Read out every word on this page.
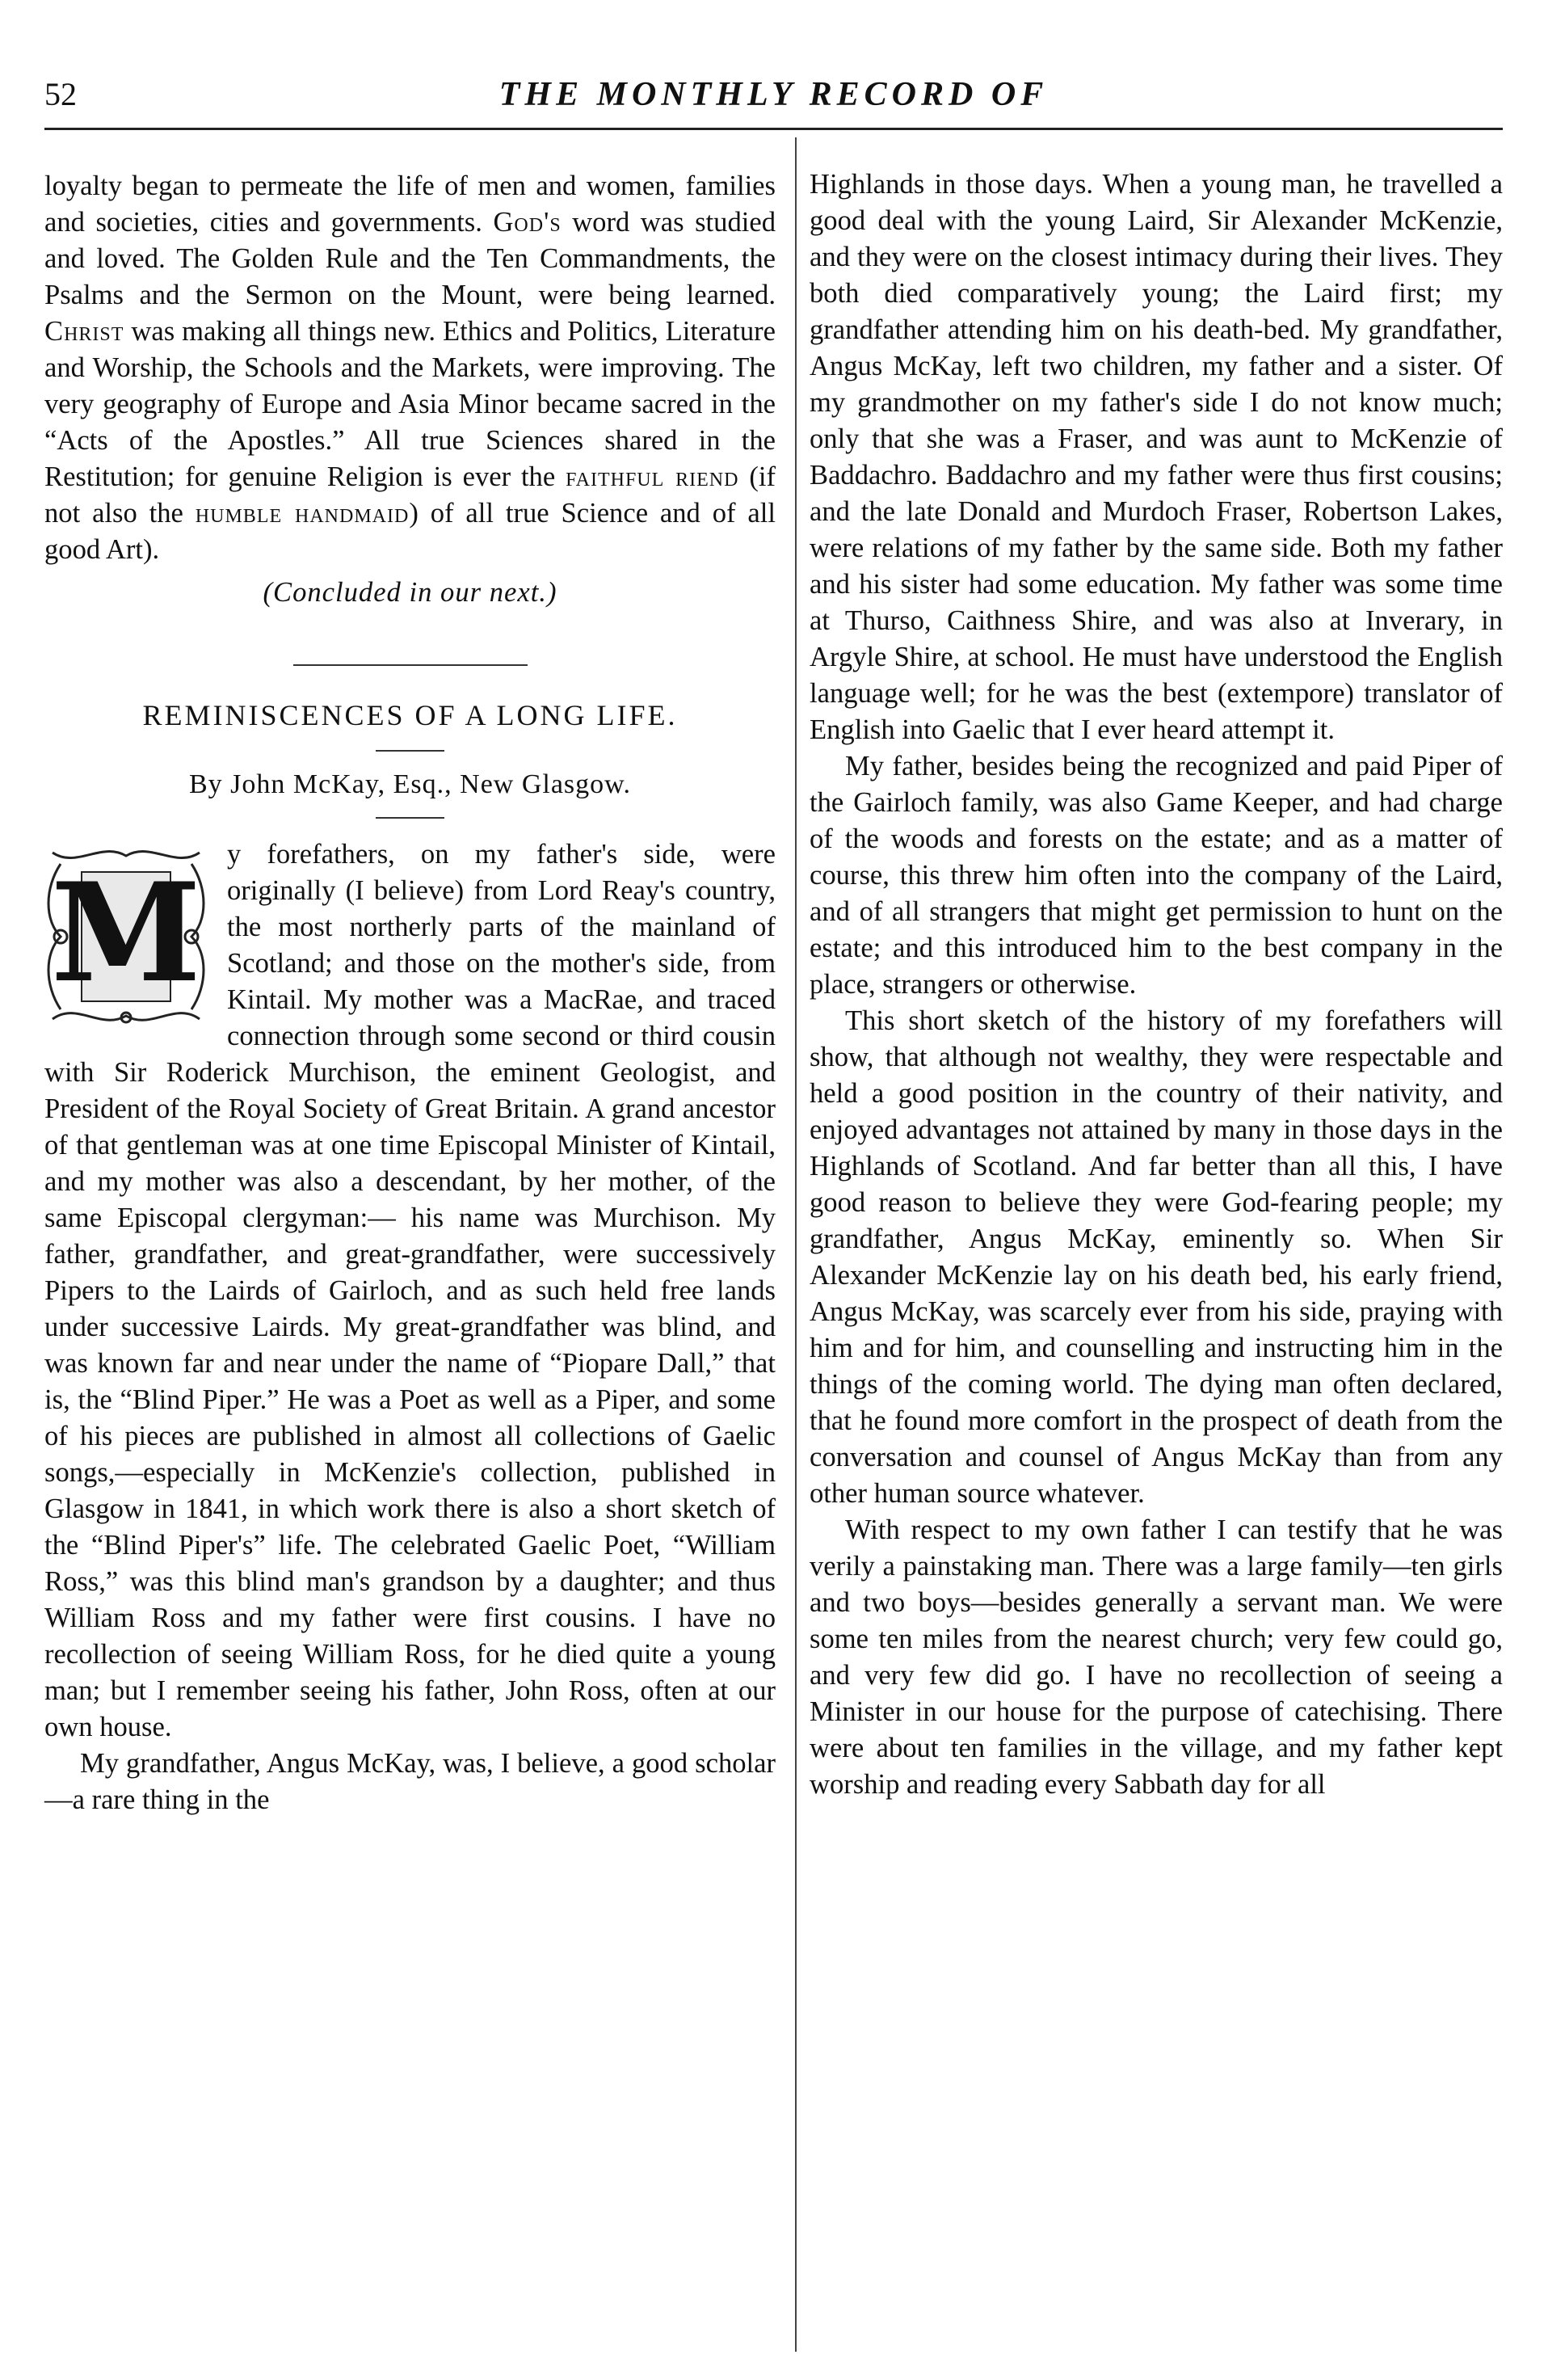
52	THE MONTHLY RECORD OF

loyalty began to permeate the life of men and women, families and societies, cities and governments. God's word was studied and loved. The Golden Rule and the Ten Commandments, the Psalms and the Sermon on the Mount, were being learned. Christ was making all things new. Ethics and Politics, Literature and Worship, the Schools and the Markets, were improving. The very geography of Europe and Asia Minor became sacred in the “Acts of the Apostles.” All true Sciences shared in the Restitution; for genuine Religion is ever the faithful riend (if not also the humble handmaid) of all true Science and of all good Art).

(Concluded in our next.)

REMINISCENCES OF A LONG LIFE.

By John McKay, Esq., New Glasgow.

M y forefathers, on my father's side, were originally (I believe) from Lord Reay's country, the most northerly parts of the mainland of Scotland; and those on the mother's side, from Kintail. My mother was a MacRae, and traced connection through some second or third cousin with Sir Roderick Murchison, the eminent Geologist, and President of the Royal Society of Great Britain. A grand ancestor of that gentleman was at one time Episcopal Minister of Kintail, and my mother was also a descendant, by her mother, of the same Episcopal clergyman:— his name was Murchison. My father, grandfather, and great-grandfather, were successively Pipers to the Lairds of Gairloch, and as such held free lands under successive Lairds. My great-grandfather was blind, and was known far and near under the name of “Piopare Dall,” that is, the “Blind Piper.” He was a Poet as well as a Piper, and some of his pieces are published in almost all collections of Gaelic songs,—especially in McKenzie's collection, published in Glasgow in 1841, in which work there is also a short sketch of the “Blind Piper's” life. The celebrated Gaelic Poet, “William Ross,” was this blind man's grandson by a daughter; and thus William Ross and my father were first cousins. I have no recollection of seeing William Ross, for he died quite a young man; but I remember seeing his father, John Ross, often at our own house.

My grandfather, Angus McKay, was, I believe, a good scholar—a rare thing in the

Highlands in those days. When a young man, he travelled a good deal with the young Laird, Sir Alexander McKenzie, and they were on the closest intimacy during their lives. They both died comparatively young; the Laird first; my grandfather attending him on his death-bed. My grandfather, Angus McKay, left two children, my father and a sister. Of my grandmother on my father's side I do not know much; only that she was a Fraser, and was aunt to McKenzie of Baddachro. Baddachro and my father were thus first cousins; and the late Donald and Murdoch Fraser, Robertson Lakes, were relations of my father by the same side. Both my father and his sister had some education. My father was some time at Thurso, Caithness Shire, and was also at Inverary, in Argyle Shire, at school. He must have understood the English language well; for he was the best (extempore) translator of English into Gaelic that I ever heard attempt it.

My father, besides being the recognized and paid Piper of the Gairloch family, was also Game Keeper, and had charge of the woods and forests on the estate; and as a matter of course, this threw him often into the company of the Laird, and of all strangers that might get permission to hunt on the estate; and this introduced him to the best company in the place, strangers or otherwise.

This short sketch of the history of my forefathers will show, that although not wealthy, they were respectable and held a good position in the country of their nativity, and enjoyed advantages not attained by many in those days in the Highlands of Scotland. And far better than all this, I have good reason to believe they were God-fearing people; my grandfather, Angus McKay, eminently so. When Sir Alexander McKenzie lay on his death bed, his early friend, Angus McKay, was scarcely ever from his side, praying with him and for him, and counselling and instructing him in the things of the coming world. The dying man often declared, that he found more comfort in the prospect of death from the conversation and counsel of Angus McKay than from any other human source whatever.

With respect to my own father I can testify that he was verily a painstaking man. There was a large family—ten girls and two boys—besides generally a servant man. We were some ten miles from the nearest church; very few could go, and very few did go. I have no recollection of seeing a Minister in our house for the purpose of catechising. There were about ten families in the village, and my father kept worship and reading every Sabbath day for all
